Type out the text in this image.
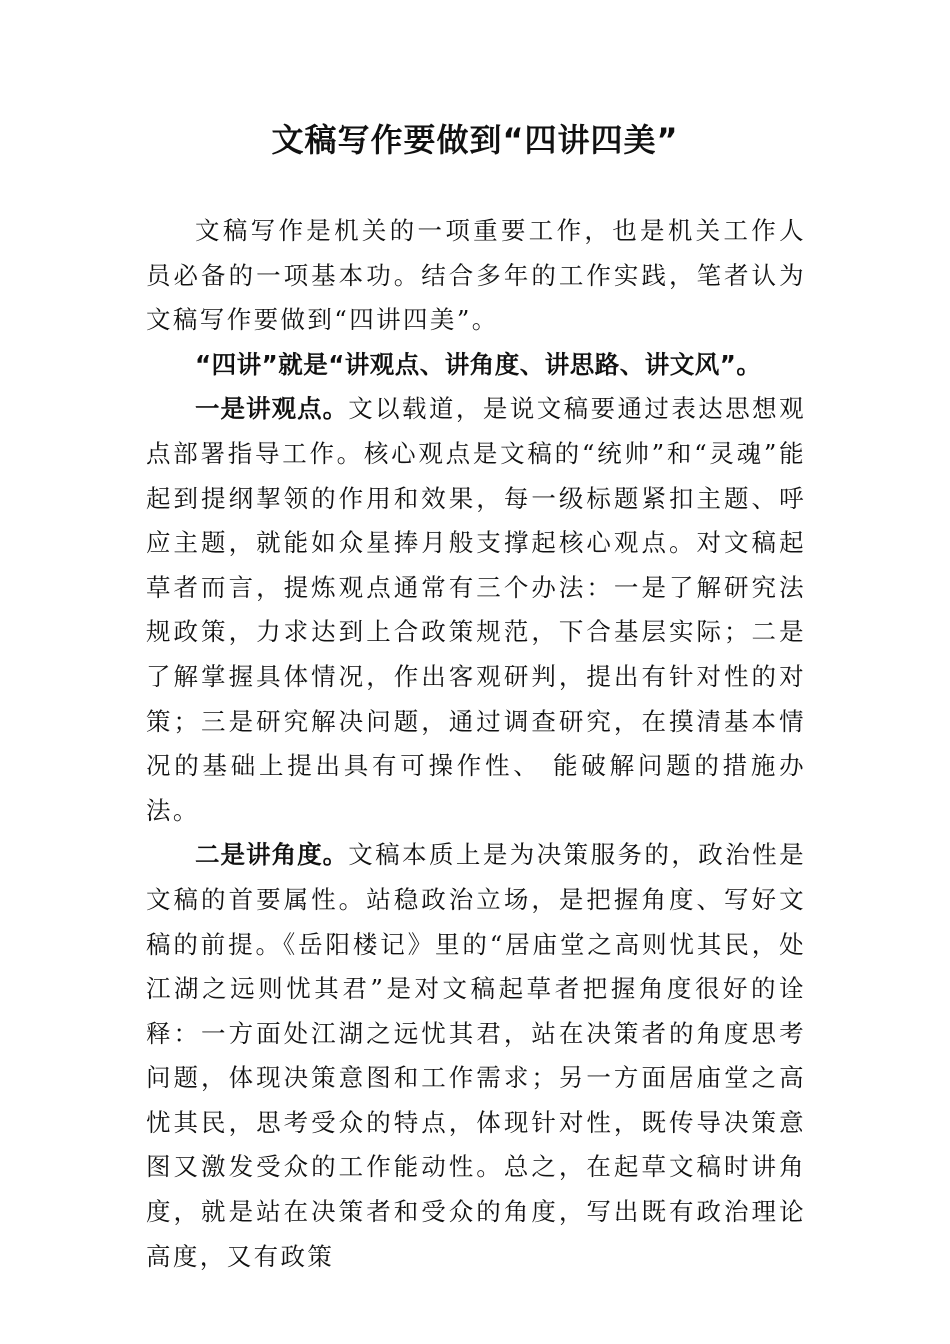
文稿写作要做到“四讲四美”

文稿写作是机关的一项重要工作，也是机关工作人员必备的一项基本功。结合多年的工作实践，笔者认为文稿写作要做到“四讲四美”。

“四讲”就是“讲观点、讲角度、讲思路、讲文风”。

一是讲观点。文以载道，是说文稿要通过表达思想观点部署指导工作。核心观点是文稿的“统帅”和“灵魂”能起到提纲挈领的作用和效果，每一级标题紧扣主题、呼应主题，就能如众星捧月般支撑起核心观点。对文稿起草者而言，提炼观点通常有三个办法：一是了解研究法规政策，力求达到上合政策规范，下合基层实际；二是了解掌握具体情况，作出客观研判，提出有针对性的对策；三是研究解决问题，通过调查研究，在摸清基本情况的基础上提出具有可操作性、 能破解问题的措施办法。

二是讲角度。文稿本质上是为决策服务的，政治性是文稿的首要属性。站稳政治立场，是把握角度、写好文稿的前提。《岳阳楼记》里的“居庙堂之高则忧其民，处江湖之远则忧其君”是对文稿起草者把握角度很好的诠释：一方面处江湖之远忧其君，站在决策者的角度思考问题，体现决策意图和工作需求；另一方面居庙堂之高忧其民，思考受众的特点，体现针对性，既传导决策意图又激发受众的工作能动性。总之，在起草文稿时讲角度，就是站在决策者和受众的角度，写出既有政治理论高度，又有政策
